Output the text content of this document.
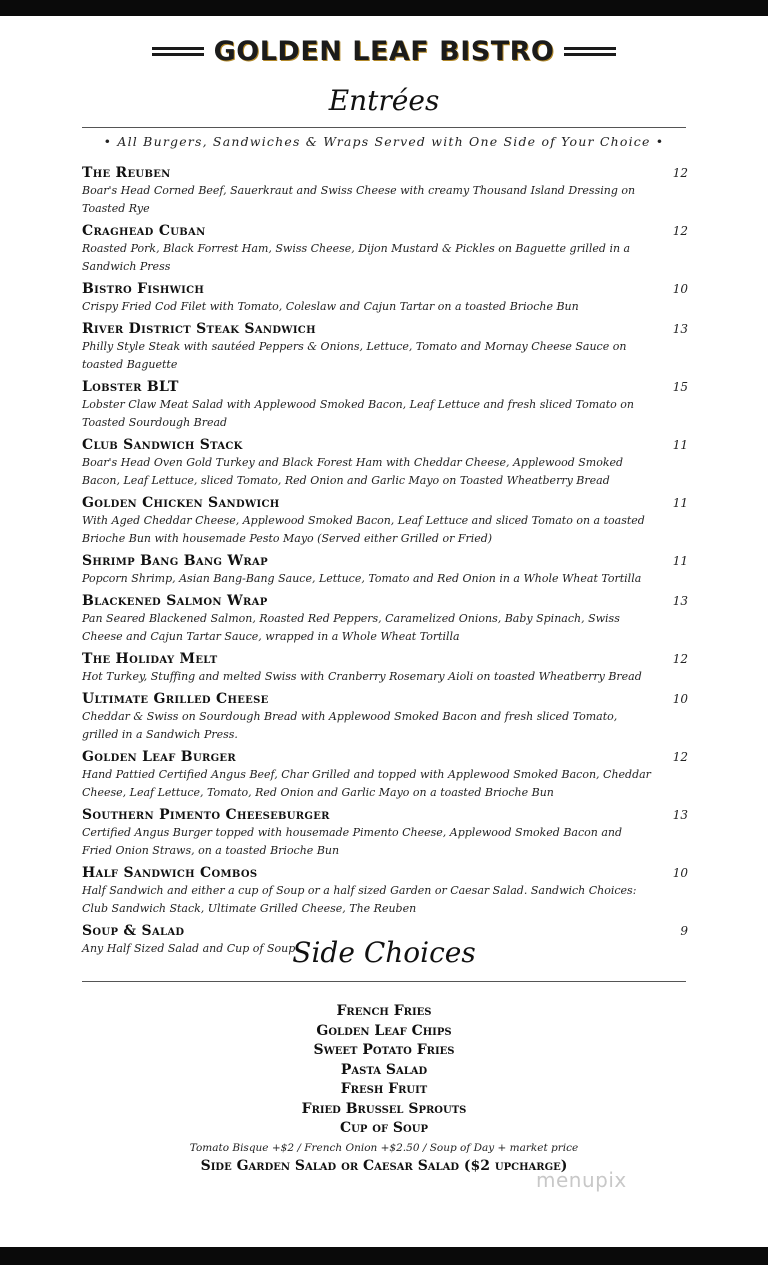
GOLDEN LEAF BISTRO
Entrées
• All Burgers, Sandwiches & Wraps Served with One Side of Your Choice •
The Reuben	12
Boar's Head Corned Beef, Sauerkraut and Swiss Cheese with creamy Thousand Island Dressing on Toasted Rye
Craghead Cuban	12
Roasted Pork, Black Forrest Ham, Swiss Cheese, Dijon Mustard & Pickles on Baguette grilled in a Sandwich Press
Bistro Fishwich	10
Crispy Fried Cod Filet with Tomato, Coleslaw and Cajun Tartar on a toasted Brioche Bun
River District Steak Sandwich	13
Philly Style Steak with sautéed Peppers & Onions, Lettuce, Tomato and Mornay Cheese Sauce on toasted Baguette
Lobster BLT	15
Lobster Claw Meat Salad with Applewood Smoked Bacon, Leaf Lettuce and fresh sliced Tomato on Toasted Sourdough Bread
Club Sandwich Stack	11
Boar's Head Oven Gold Turkey and Black Forest Ham with Cheddar Cheese, Applewood Smoked Bacon, Leaf Lettuce, sliced Tomato, Red Onion and Garlic Mayo on Toasted Wheatberry Bread
Golden Chicken Sandwich	11
With Aged Cheddar Cheese, Applewood Smoked Bacon, Leaf Lettuce and sliced Tomato on a toasted Brioche Bun with housemade Pesto Mayo (Served either Grilled or Fried)
Shrimp Bang Bang Wrap	11
Popcorn Shrimp, Asian Bang-Bang Sauce, Lettuce, Tomato and Red Onion in a Whole Wheat Tortilla
Blackened Salmon Wrap	13
Pan Seared Blackened Salmon, Roasted Red Peppers, Caramelized Onions, Baby Spinach, Swiss Cheese and Cajun Tartar Sauce, wrapped in a Whole Wheat Tortilla
The Holiday Melt	12
Hot Turkey, Stuffing and melted Swiss with Cranberry Rosemary Aioli on toasted Wheatberry Bread
Ultimate Grilled Cheese	10
Cheddar & Swiss on Sourdough Bread with Applewood Smoked Bacon and fresh sliced Tomato, grilled in a Sandwich Press.
Golden Leaf Burger	12
Hand Pattied Certified Angus Beef, Char Grilled and topped with Applewood Smoked Bacon, Cheddar Cheese, Leaf Lettuce, Tomato, Red Onion and Garlic Mayo on a toasted Brioche Bun
Southern Pimento Cheeseburger	13
Certified Angus Burger topped with housemade Pimento Cheese, Applewood Smoked Bacon and Fried Onion Straws, on a toasted Brioche Bun
Half Sandwich Combos	10
Half Sandwich and either a cup of Soup or a half sized Garden or Caesar Salad. Sandwich Choices: Club Sandwich Stack, Ultimate Grilled Cheese, The Reuben
Soup & Salad	9
Any Half Sized Salad and Cup of Soup
Side Choices
French Fries
Golden Leaf Chips
Sweet Potato Fries
Pasta Salad
Fresh Fruit
Fried Brussel Sprouts
Cup of Soup
Tomato Bisque +$2 / French Onion +$2.50 / Soup of Day + market price
Side Garden Salad or Caesar Salad ($2 upcharge)
menupix
